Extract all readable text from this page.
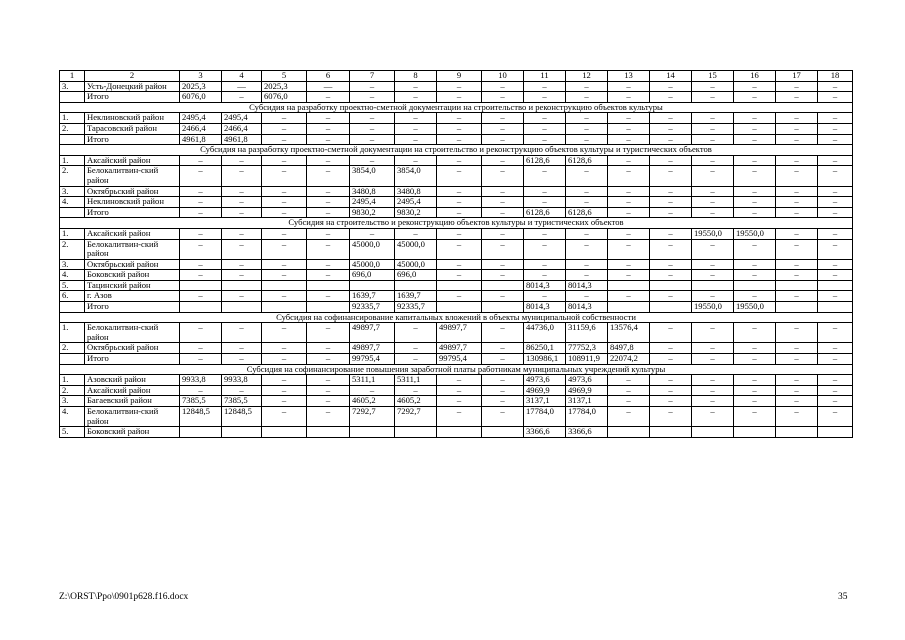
1	2	3	4	5	6	7	8	9	10	11	12	13	14	15	16	17	18
3.	Усть-Донецкий район	2025,3	—	2025,3	—	–	–	–	–	–	–	–	–	–	–	–	–
	Итого	6076,0	–	6076,0	–	–	–	–	–	–	–	–	–	–	–	–	–
Субсидия на разработку проектно-сметной документации на строительство и реконструкцию объектов культуры																	
1.	Неклиновский район	2495,4	2495,4	–	–	–	–	–	–	–	–	–	–	–	–	–	–
2.	Тарасовский район	2466,4	2466,4	–	–	–	–	–	–	–	–	–	–	–	–	–	–
	Итого	4961,8	4961,8	–	–	–	–	–	–	–	–	–	–	–	–	–	–
Субсидия на разработку проектно-сметной документации на строительство и реконструкцию объектов культуры и туристических объектов																	
1.	Аксайский район	–	–	–	–	–	–	–	–	6128,6	6128,6	–	–	–	–	–	–
2.	Белокалитвин-ский район	–	–	–	–	3854,0	3854,0	–	–	–	–	–	–	–	–	–	–
3.	Октябрьский район	–	–	–	–	3480,8	3480,8	–	–	–	–	–	–	–	–	–	–
4.	Неклиновский район	–	–	–	–	2495,4	2495,4	–	–	–	–	–	–	–	–	–	–
	Итого	–	–	–	–	9830,2	9830,2	–	–	6128,6	6128,6	–	–	–	–	–	–
Субсидия на строительство и реконструкцию объектов культуры и туристических объектов																	
1.	Аксайский район	–	–	–	–	–	–	–	–	–	–	–	–	19550,0	19550,0	–	–
2.	Белокалитвин-ский район	–	–	–	–	45000,0	45000,0	–	–	–	–	–	–	–	–	–	–
3.	Октябрьский район	–	–	–	–	45000,0	45000,0	–	–	–	–	–	–	–	–	–	–
4.	Боковский район	–	–	–	–	696,0	696,0	–	–	–	–	–	–	–	–	–	–
5.	Тацинский район									8014,3	8014,3						
6.	г. Азов	–	–	–	–	1639,7	1639,7	–	–	–	–	–	–	–	–	–	–
	Итого					92335,7	92335,7			8014,3	8014,3			19550,0	19550,0		
Субсидия на софинансирование капитальных вложений в объекты муниципальной собственности																	
1.	Белокалитвин-ский район	–	–	–	–	49897,7	–	49897,7	–	44736,0	31159,6	13576,4	–	–	–	–	–
2.	Октябрьский район	–	–	–	–	49897,7	–	49897,7	–	86250,1	77752,3	8497,8	–	–	–	–	–
	Итого	–	–	–	–	99795,4	–	99795,4	–	130986,1	108911,9	22074,2	–	–	–	–	–
Субсидия на софинансирование повышения заработной платы работникам муниципальных учреждений культуры																	
1.	Азовский район	9933,8	9933,8	–	–	5311,1	5311,1	–	–	4973,6	4973,6	–	–	–	–	–	–
2.	Аксайский район	–	–	–	–	–	–	–	–	4969,9	4969,9	–	–	–	–	–	–
3.	Багаевский район	7385,5	7385,5	–	–	4605,2	4605,2	–	–	3137,1	3137,1	–	–	–	–	–	–
4.	Белокалитвин-ский район	12848,5	12848,5	–	–	7292,7	7292,7	–	–	17784,0	17784,0	–	–	–	–	–	–
5.	Боковский район									3366,6	3366,6						
Z:\ORST\Ppo\0901p628.f16.docx	35
